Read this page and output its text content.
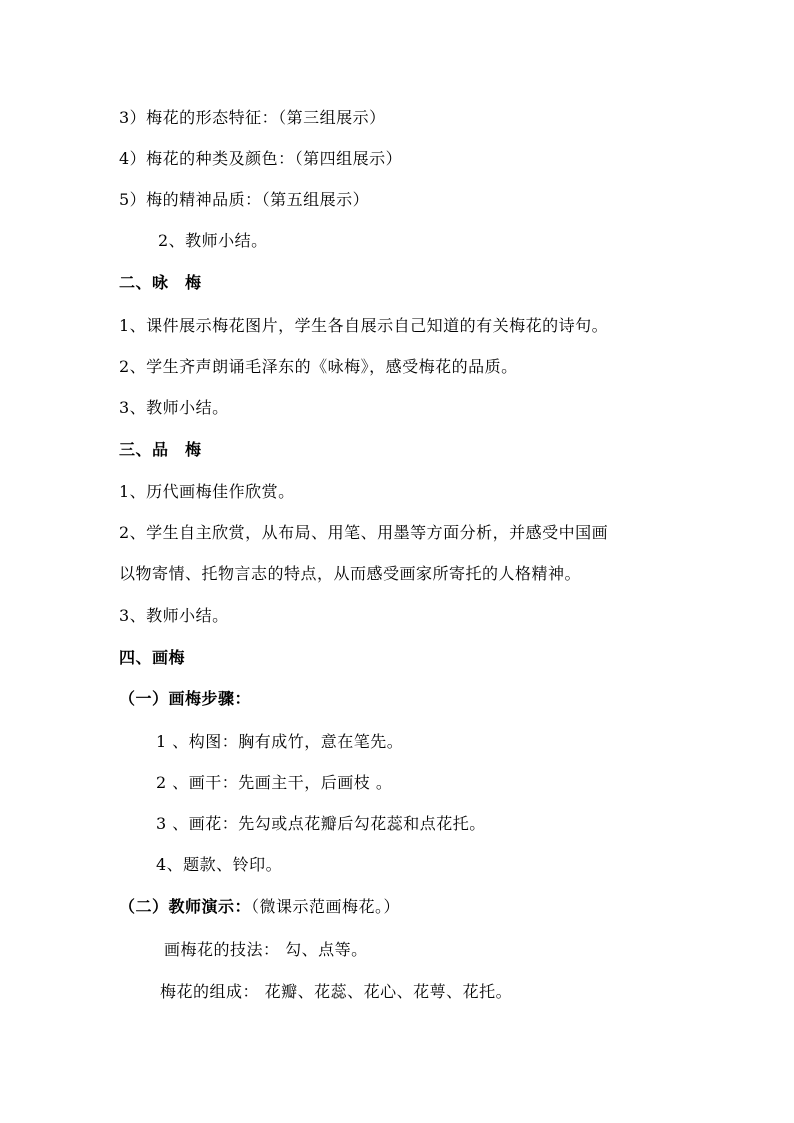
3）梅花的形态特征：（第三组展示）
4）梅花的种类及颜色：（第四组展示）
5）梅的精神品质：（第五组展示）
2、教师小结。
二、咏　梅
1、课件展示梅花图片，学生各自展示自己知道的有关梅花的诗句。
2、学生齐声朗诵毛泽东的《咏梅》，感受梅花的品质。
3、教师小结。
三、品　梅
1、历代画梅佳作欣赏。
2、学生自主欣赏，从布局、用笔、用墨等方面分析，并感受中国画
以物寄情、托物言志的特点，从而感受画家所寄托的人格精神。
3、教师小结。
四、画梅
（一）画梅步骤：
1 、构图：胸有成竹，意在笔先。
2 、画干：先画主干，后画枝 。
3 、画花：先勾或点花瓣后勾花蕊和点花托。
4、题款、铃印。
（二）教师演示：（微课示范画梅花。）
画梅花的技法： 勾、点等。
梅花的组成： 花瓣、花蕊、花心、花萼、花托。
